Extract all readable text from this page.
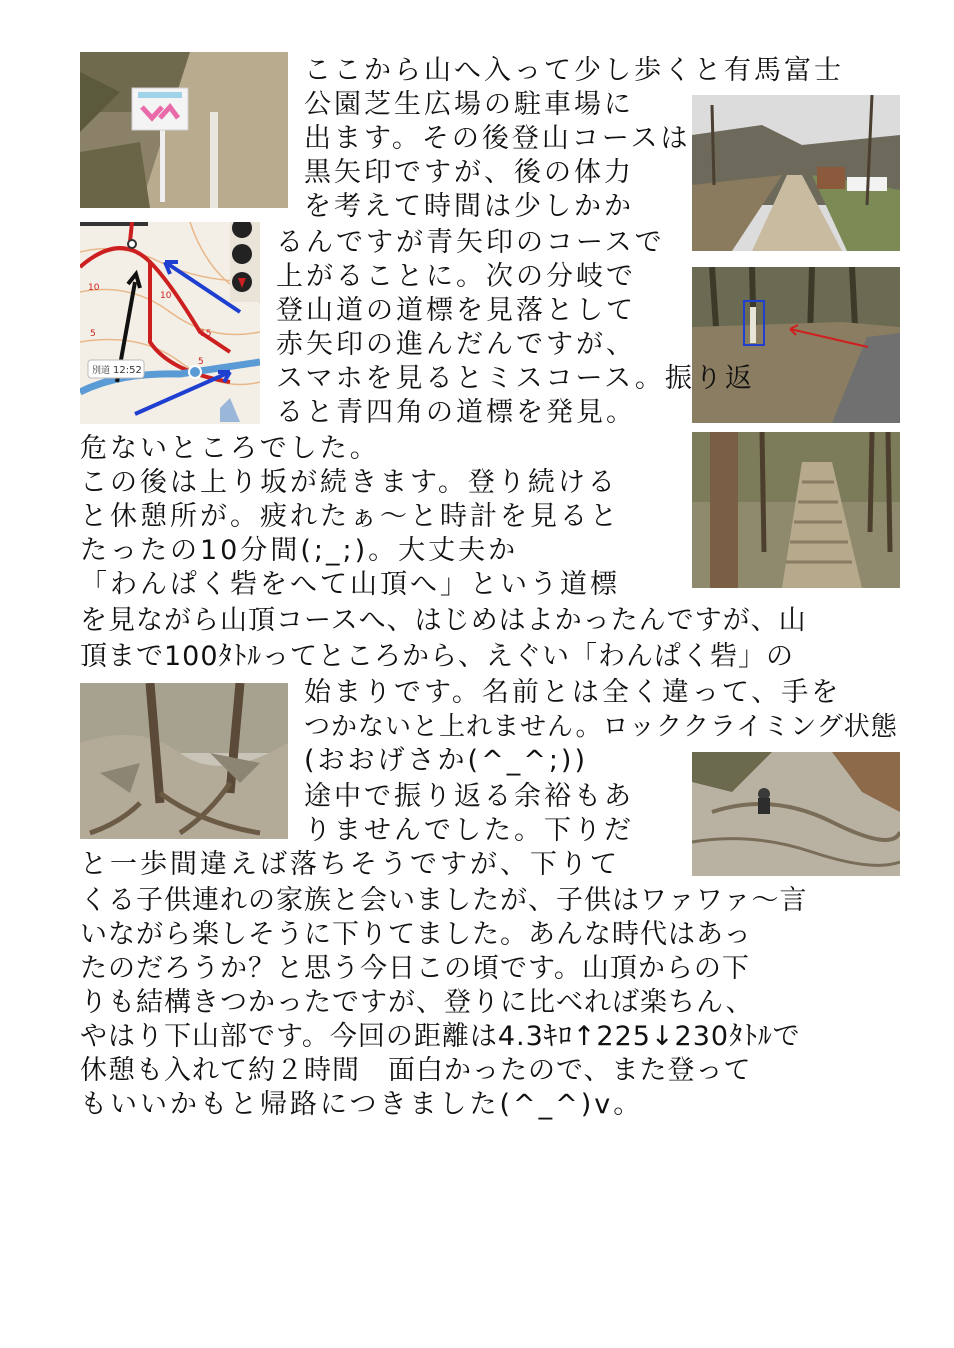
別道 12:52
10
10
15
5
5
ここから山へ入って少し歩くと有馬富士
公園芝生広場の駐車場に
出ます。その後登山コースは
黒矢印ですが、後の体力
を考えて時間は少しかか
るんですが青矢印のコースで
上がることに。次の分岐で
登山道の道標を見落として
赤矢印の進んだんですが、
スマホを見るとミスコース。振り返
ると青四角の道標を発見。
危ないところでした。
この後は上り坂が続きます。登り続ける
と休憩所が。疲れたぁ～と時計を見ると
たったの10分間(;_;)。大丈夫か
「わんぱく砦をへて山頂へ」という道標
を見ながら山頂コースへ、はじめはよかったんですが、山
頂まで100ﾀﾄﾙってところから、えぐい「わんぱく砦」の
始まりです。名前とは全く違って、手を
つかないと上れません。ロッククライミング状態
(おおげさか(^_^;))
途中で振り返る余裕もあ
りませんでした。下りだ
と一歩間違えば落ちそうですが、下りて
くる子供連れの家族と会いましたが、子供はワァワァ～言
いながら楽しそうに下りてました。あんな時代はあっ
たのだろうか？と思う今日この頃です。山頂からの下
りも結構きつかったですが、登りに比べれば楽ちん、
やはり下山部です。今回の距離は4.3ｷﾛ↑225↓230ﾀﾄﾙで
休憩も入れて約２時間　面白かったので、また登って
もいいかもと帰路につきました(^_^)v。
